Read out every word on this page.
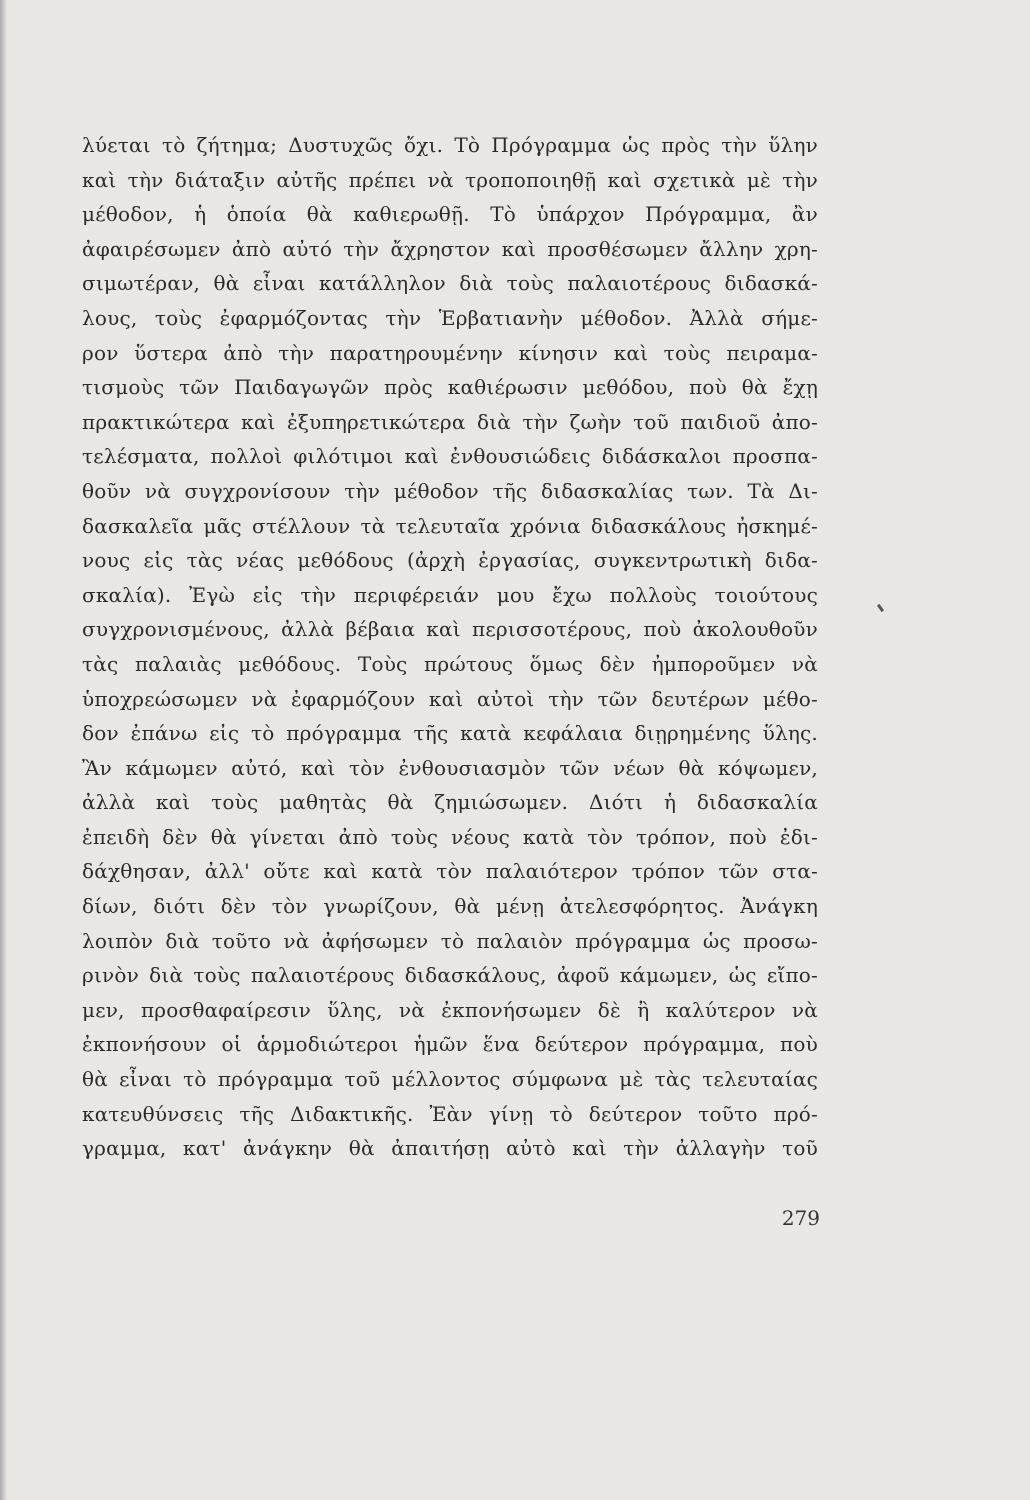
λύεται τὸ ζήτημα; Δυστυχῶς ὄχι. Τὸ Πρόγραμμα ὡς πρὸς τὴν ὕλην
καὶ τὴν διάταξιν αὐτῆς πρέπει νὰ τροποποιηθῇ καὶ σχετικὰ μὲ τὴν
μέθοδον, ἡ ὁποία θὰ καθιερωθῇ. Τὸ ὑπάρχον Πρόγραμμα, ἂν
ἀφαιρέσωμεν ἀπὸ αὐτό τὴν ἄχρηστον καὶ προσθέσωμεν ἄλλην χρη-
σιμωτέραν, θὰ εἶναι κατάλληλον διὰ τοὺς παλαιοτέρους διδασκά-
λους, τοὺς ἐφαρμόζοντας τὴν Ἑρβατιανὴν μέθοδον. Ἀλλὰ σήμε-
ρον ὕστερα ἀπὸ τὴν παρατηρουμένην κίνησιν καὶ τοὺς πειραμα-
τισμοὺς τῶν Παιδαγωγῶν πρὸς καθιέρωσιν μεθόδου, ποὺ θὰ ἔχῃ
πρακτικώτερα καὶ ἐξυπηρετικώτερα διὰ τὴν ζωὴν τοῦ παιδιοῦ ἀπο-
τελέσματα, πολλοὶ φιλότιμοι καὶ ἐνθουσιώδεις διδάσκαλοι προσπα-
θοῦν νὰ συγχρονίσουν τὴν μέθοδον τῆς διδασκαλίας των. Τὰ Δι-
δασκαλεῖα μᾶς στέλλουν τὰ τελευταῖα χρόνια διδασκάλους ἠσκημέ-
νους εἰς τὰς νέας μεθόδους (ἀρχὴ ἐργασίας, συγκεντρωτικὴ διδα-
σκαλία). Ἐγὼ εἰς τὴν περιφέρειάν μου ἔχω πολλοὺς τοιούτους
συγχρονισμένους, ἀλλὰ βέβαια καὶ περισσοτέρους, ποὺ ἀκολουθοῦν
τὰς παλαιὰς μεθόδους. Τοὺς πρώτους ὅμως δὲν ἠμποροῦμεν νὰ
ὑποχρεώσωμεν νὰ ἐφαρμόζουν καὶ αὐτοὶ τὴν τῶν δευτέρων μέθο-
δον ἐπάνω εἰς τὸ πρόγραμμα τῆς κατὰ κεφάλαια διῃρημένης ὕλης.
Ἂν κάμωμεν αὐτό, καὶ τὸν ἐνθουσιασμὸν τῶν νέων θὰ κόψωμεν,
ἀλλὰ καὶ τοὺς μαθητὰς θὰ ζημιώσωμεν. Διότι ἡ διδασκαλία
ἐπειδὴ δὲν θὰ γίνεται ἀπὸ τοὺς νέους κατὰ τὸν τρόπον, ποὺ ἐδι-
δάχθησαν, ἀλλ' οὔτε καὶ κατὰ τὸν παλαιότερον τρόπον τῶν στα-
δίων, διότι δὲν τὸν γνωρίζουν, θὰ μένῃ ἀτελεσφόρητος. Ἀνάγκη
λοιπὸν διὰ τοῦτο νὰ ἀφήσωμεν τὸ παλαιὸν πρόγραμμα ὡς προσω-
ρινὸν διὰ τοὺς παλαιοτέρους διδασκάλους, ἀφοῦ κάμωμεν, ὡς εἴπο-
μεν, προσθαφαίρεσιν ὕλης, νὰ ἐκπονήσωμεν δὲ ἢ καλύτερον νὰ
ἐκπονήσουν οἱ ἁρμοδιώτεροι ἡμῶν ἕνα δεύτερον πρόγραμμα, ποὺ
θὰ εἶναι τὸ πρόγραμμα τοῦ μέλλοντος σύμφωνα μὲ τὰς τελευταίας
κατευθύνσεις τῆς Διδακτικῆς. Ἐὰν γίνῃ τὸ δεύτερον τοῦτο πρό-
γραμμα, κατ' ἀνάγκην θὰ ἀπαιτήσῃ αὐτὸ καὶ τὴν ἀλλαγὴν τοῦ

279
